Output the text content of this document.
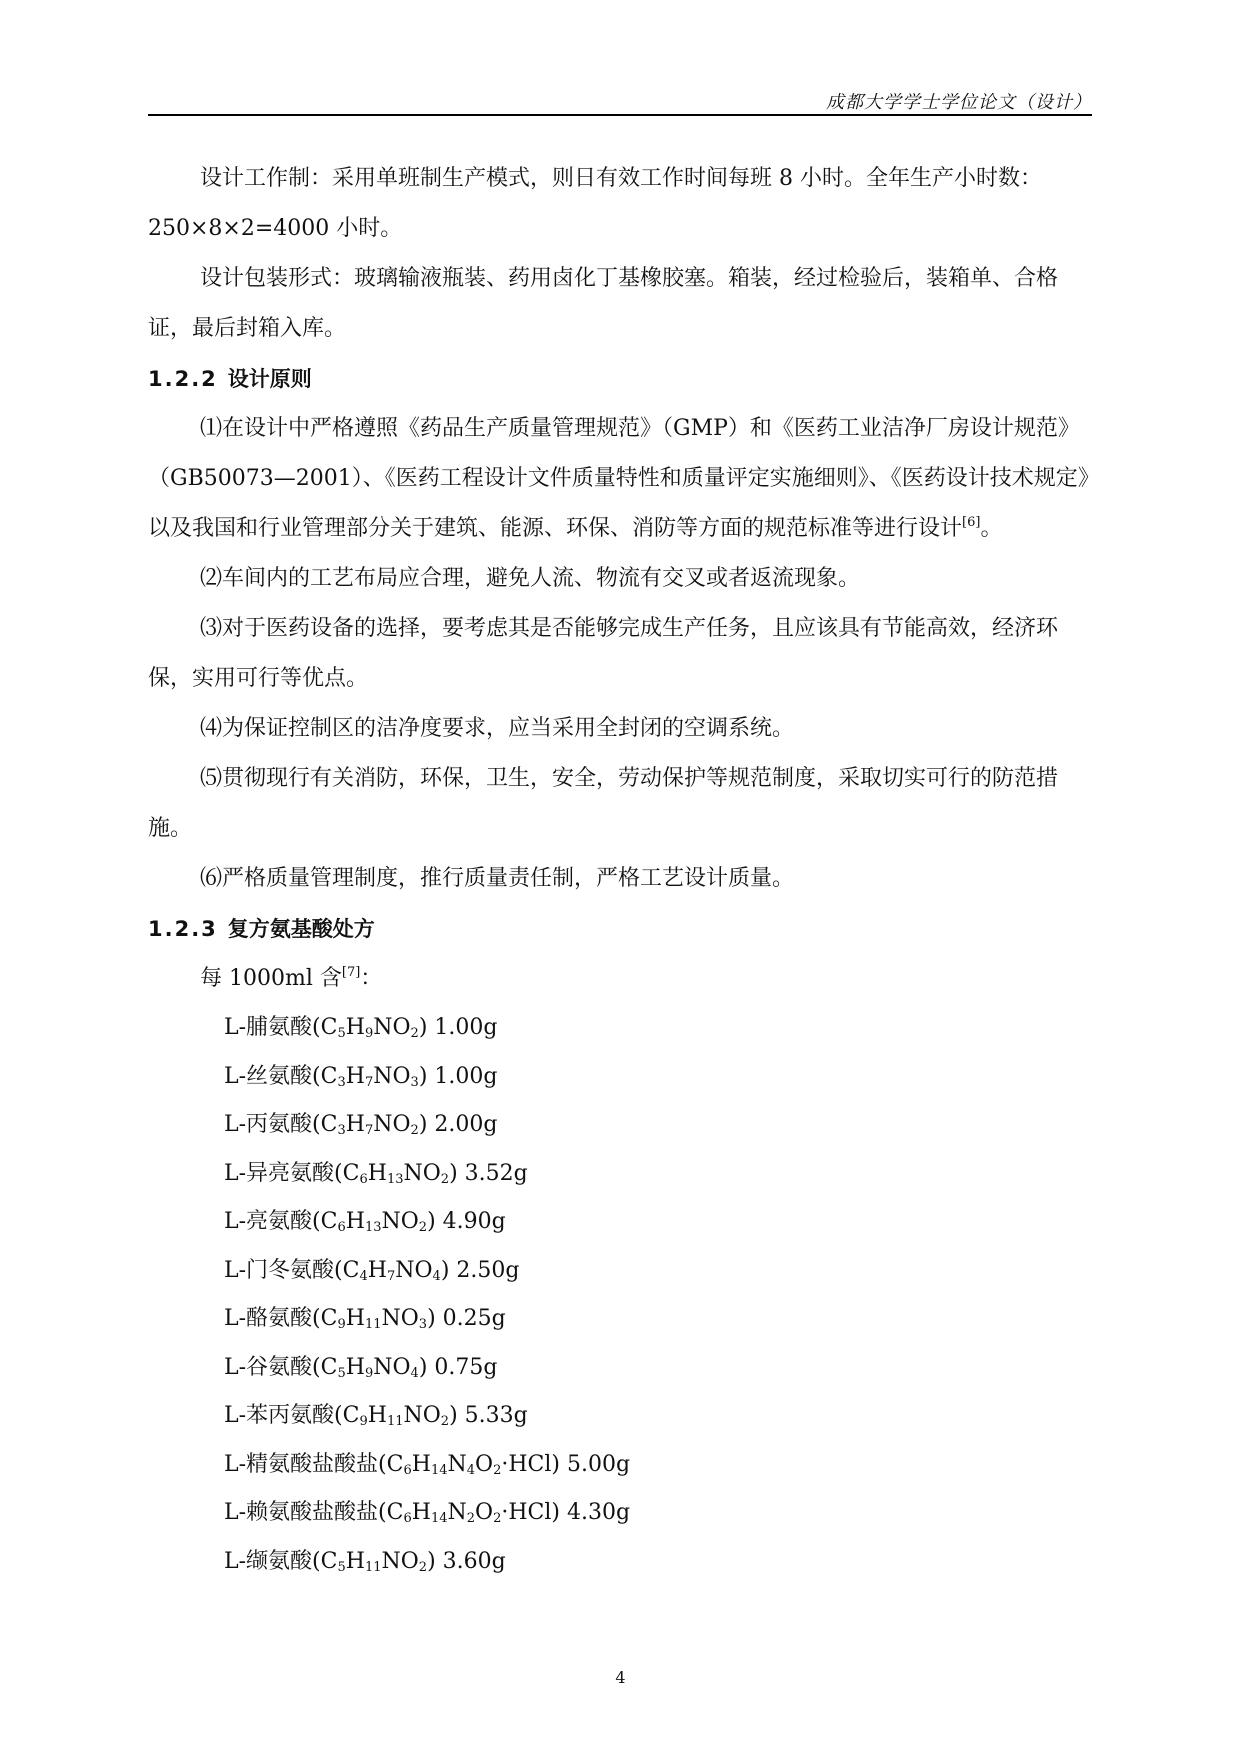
成都大学学士学位论文（设计）

设计工作制：采用单班制生产模式，则日有效工作时间每班 8 小时。全年生产小时数：250×8×2=4000 小时。

设计包装形式：玻璃输液瓶装、药用卤化丁基橡胶塞。箱装，经过检验后，装箱单、合格证，最后封箱入库。

1.2.2 设计原则

⑴在设计中严格遵照《药品生产质量管理规范》（GMP）和《医药工业洁净厂房设计规范》（GB50073—2001）、《医药工程设计文件质量特性和质量评定实施细则》、《医药设计技术规定》以及我国和行业管理部分关于建筑、能源、环保、消防等方面的规范标准等进行设计[6]。

⑵车间内的工艺布局应合理，避免人流、物流有交叉或者返流现象。

⑶对于医药设备的选择，要考虑其是否能够完成生产任务，且应该具有节能高效，经济环保，实用可行等优点。

⑷为保证控制区的洁净度要求，应当采用全封闭的空调系统。

⑸贯彻现行有关消防，环保，卫生，安全，劳动保护等规范制度，采取切实可行的防范措施。

⑹严格质量管理制度，推行质量责任制，严格工艺设计质量。

1.2.3 复方氨基酸处方

每 1000ml 含[7]：

L-脯氨酸$(C_5H_9NO_2)$ 1.00g

L-丝氨酸$(C_3H_7NO_3)$ 1.00g

L-丙氨酸$(C_3H_7NO_2)$ 2.00g

L-异亮氨酸$(C_6H_{13}NO_2)$ 3.52g

L-亮氨酸$(C_6H_{13}NO_2)$ 4.90g

L-门冬氨酸$(C_4H_7NO_4)$ 2.50g

L-酪氨酸$(C_9H_{11}NO_3)$ 0.25g

L-谷氨酸$(C_5H_9NO_4)$ 0.75g

L-苯丙氨酸$(C_9H_{11}NO_2)$ 5.33g

L-精氨酸盐酸盐$(C_6H_{14}N_4O_2\cdot HCl)$ 5.00g

L-赖氨酸盐酸盐$(C_6H_{14}N_2O_2\cdot HCl)$ 4.30g

L-缬氨酸$(C_5H_{11}NO_2)$ 3.60g

4
